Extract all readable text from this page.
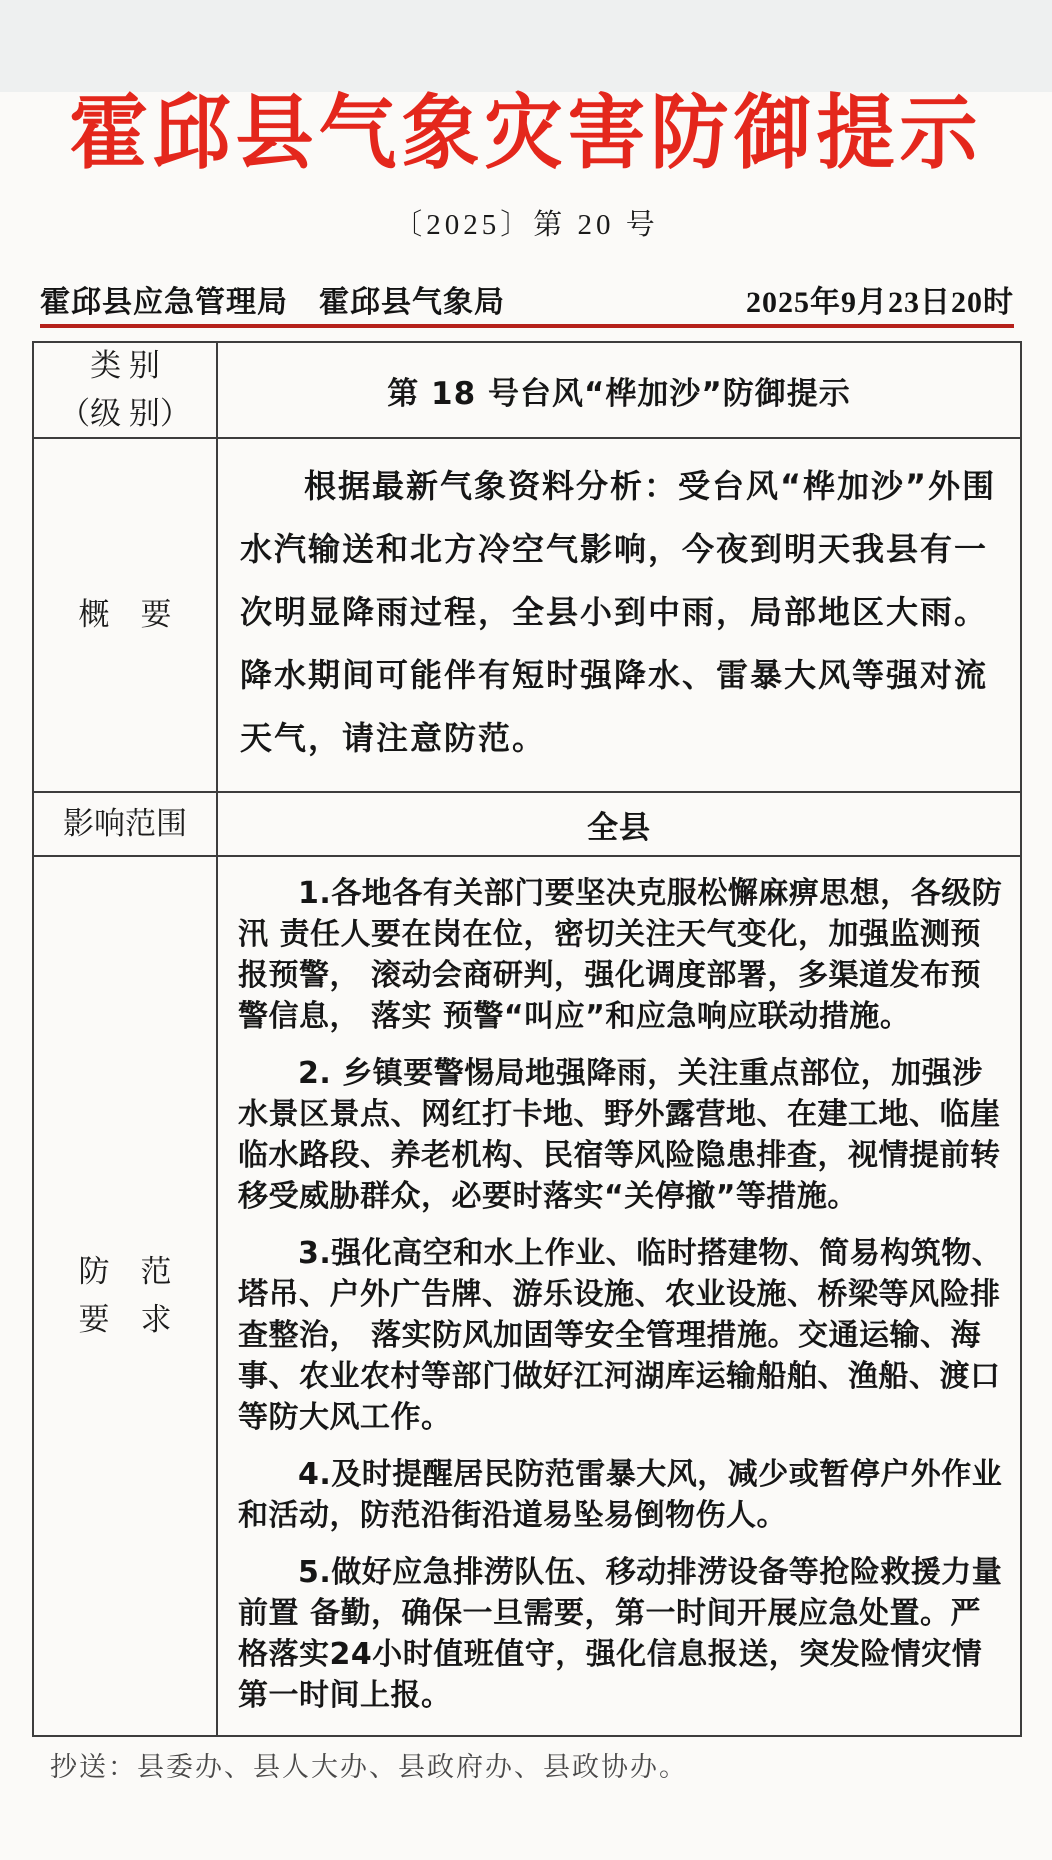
霍邱县气象灾害防御提示
〔2025〕第 20 号
霍邱县应急管理局　霍邱县气象局	2025年9月23日20时
类 别
（级 别）
第 18 号台风“桦加沙”防御提示
概　要
根据最新气象资料分析：受台风“桦加沙”外围水汽输送和北方冷空气影响，今夜到明天我县有一次明显降雨过程，全县小到中雨，局部地区大雨。降水期间可能伴有短时强降水、雷暴大风等强对流天气，请注意防范。
影响范围	全县
防　范
要　求

1.各地各有关部门要坚决克服松懈麻痹思想，各级防汛 责任人要在岗在位，密切关注天气变化，加强监测预报预警， 滚动会商研判，强化调度部署，多渠道发布预警信息， 落实 预警“叫应”和应急响应联动措施。

2. 乡镇要警惕局地强降雨，关注重点部位，加强涉水景区景点、网红打卡地、野外露营地、在建工地、临崖临水路段、养老机构、民宿等风险隐患排查，视情提前转移受威胁群众，必要时落实“关停撤”等措施。

3.强化高空和水上作业、临时搭建物、简易构筑物、塔吊、户外广告牌、游乐设施、农业设施、桥梁等风险排查整治， 落实防风加固等安全管理措施。交通运输、海事、农业农村等部门做好江河湖库运输船舶、渔船、渡口等防大风工作。

4.及时提醒居民防范雷暴大风，减少或暂停户外作业和活动，防范沿街沿道易坠易倒物伤人。

5.做好应急排涝队伍、移动排涝设备等抢险救援力量前置 备勤，确保一旦需要，第一时间开展应急处置。严格落实24小时值班值守，强化信息报送，突发险情灾情第一时间上报。

抄送：县委办、县人大办、县政府办、县政协办。
